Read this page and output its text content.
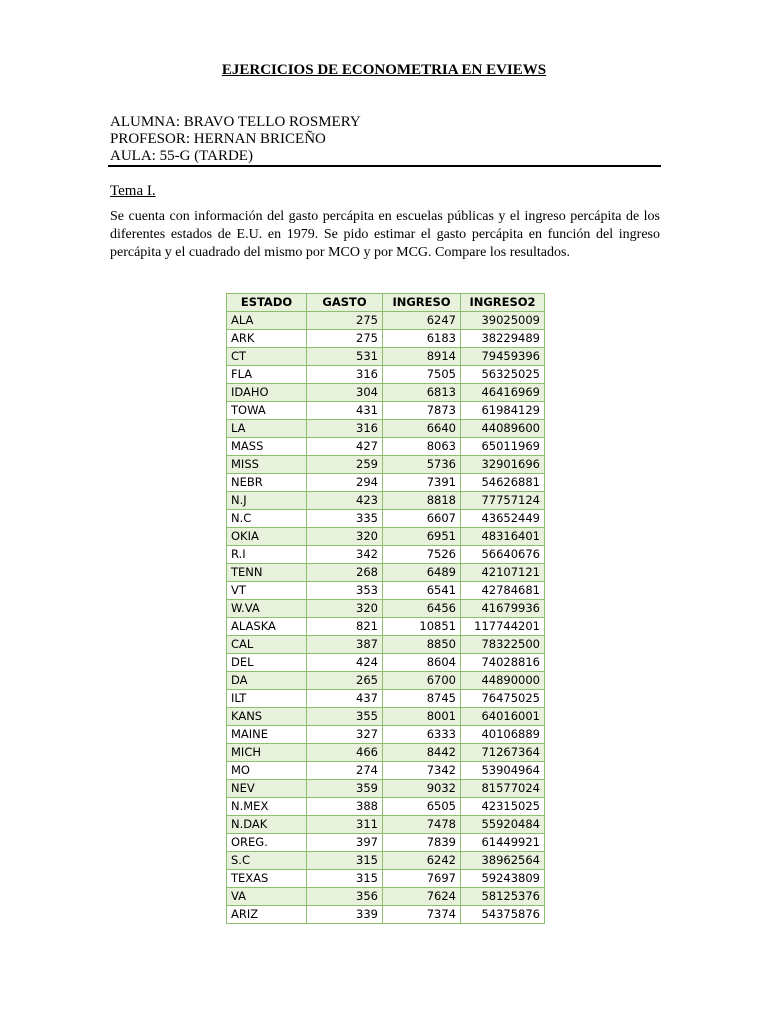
EJERCICIOS DE ECONOMETRIA EN EVIEWS
ALUMNA: BRAVO TELLO ROSMERY
PROFESOR: HERNAN BRICEÑO
AULA: 55-G (TARDE)
Tema I.
Se cuenta con información del gasto percápita en escuelas públicas y el ingreso percápita de los diferentes estados de E.U. en 1979. Se pido estimar el gasto percápita en función del ingreso percápita y el cuadrado del mismo por MCO y por MCG. Compare los resultados.
ESTADO	GASTO	INGRESO	INGRESO2
ALA	275	6247	39025009
ARK	275	6183	38229489
CT	531	8914	79459396
FLA	316	7505	56325025
IDAHO	304	6813	46416969
TOWA	431	7873	61984129
LA	316	6640	44089600
MASS	427	8063	65011969
MISS	259	5736	32901696
NEBR	294	7391	54626881
N.J	423	8818	77757124
N.C	335	6607	43652449
OKIA	320	6951	48316401
R.I	342	7526	56640676
TENN	268	6489	42107121
VT	353	6541	42784681
W.VA	320	6456	41679936
ALASKA	821	10851	117744201
CAL	387	8850	78322500
DEL	424	8604	74028816
DA	265	6700	44890000
ILT	437	8745	76475025
KANS	355	8001	64016001
MAINE	327	6333	40106889
MICH	466	8442	71267364
MO	274	7342	53904964
NEV	359	9032	81577024
N.MEX	388	6505	42315025
N.DAK	311	7478	55920484
OREG.	397	7839	61449921
S.C	315	6242	38962564
TEXAS	315	7697	59243809
VA	356	7624	58125376
ARIZ	339	7374	54375876
